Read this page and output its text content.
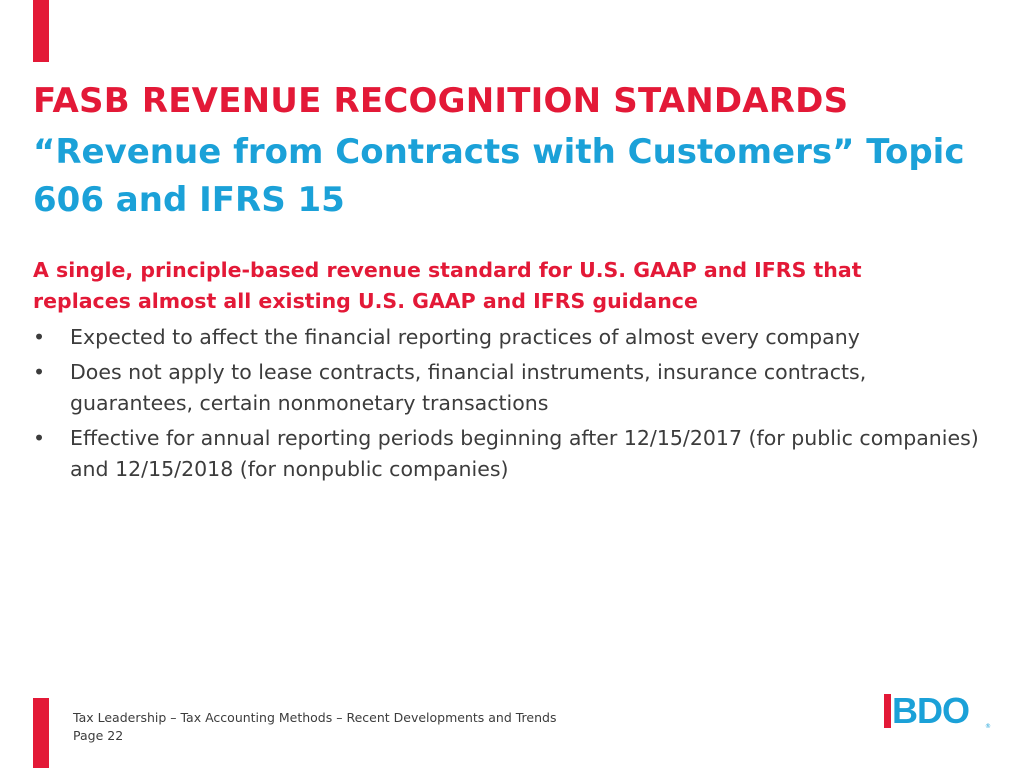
FASB REVENUE RECOGNITION STANDARDS
“Revenue from Contracts with Customers” Topic 606 and IFRS 15
A single, principle-based revenue standard for U.S. GAAP and IFRS that replaces almost all existing U.S. GAAP and IFRS guidance
• Expected to affect the financial reporting practices of almost every company
• Does not apply to lease contracts, financial instruments, insurance contracts, guarantees, certain nonmonetary transactions
• Effective for annual reporting periods beginning after 12/15/2017 (for public companies) and 12/15/2018 (for nonpublic companies)
Tax Leadership – Tax Accounting Methods – Recent Developments and Trends
Page 22
BDO	®
